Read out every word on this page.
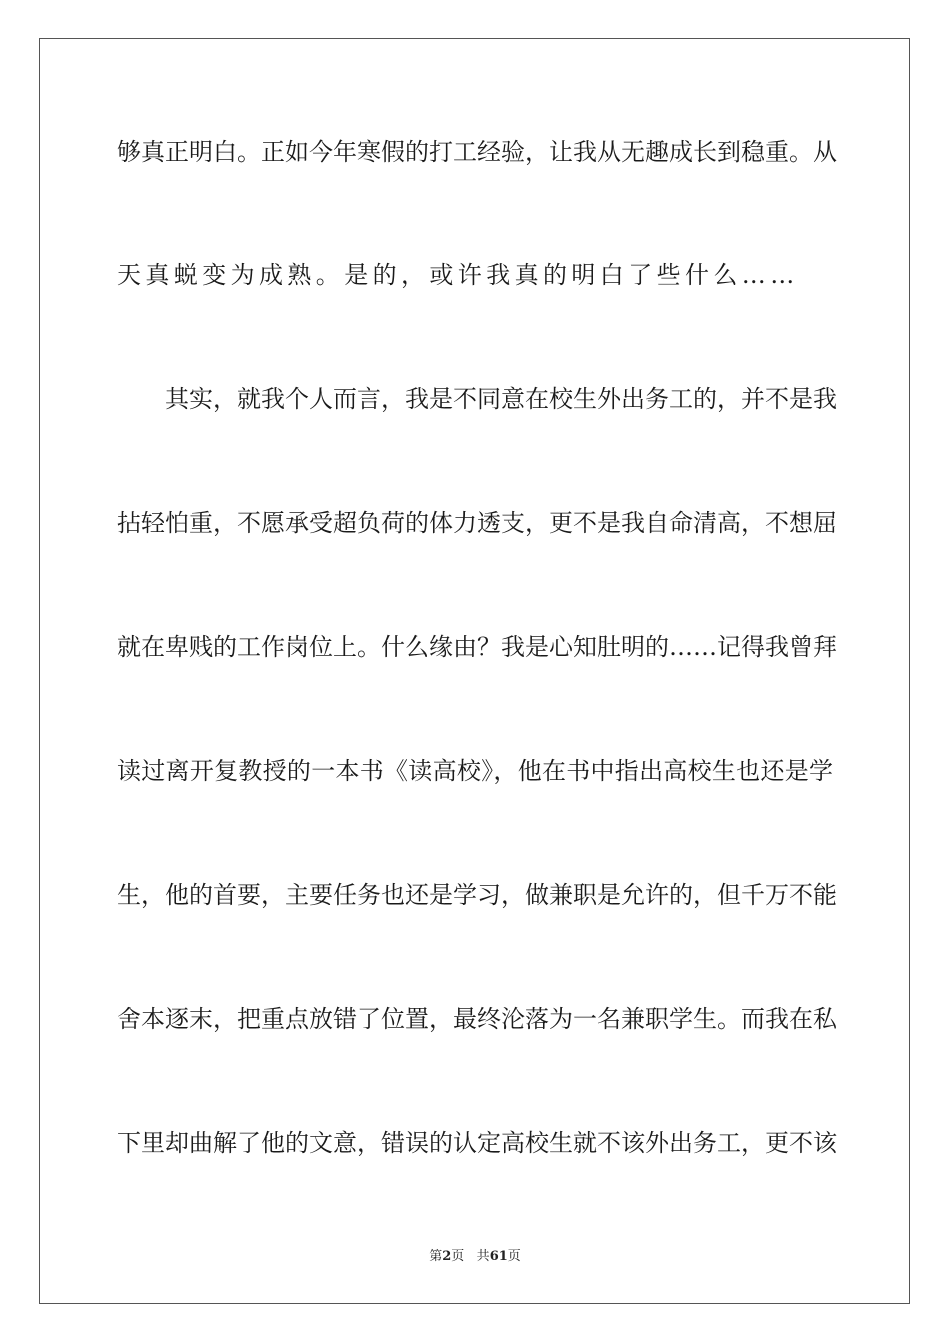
够真正明白。正如今年寒假的打工经验，让我从无趣成长到稳重。从
天真蜕变为成熟。是的，或许我真的明白了些什么……
其实，就我个人而言，我是不同意在校生外出务工的，并不是我
拈轻怕重，不愿承受超负荷的体力透支，更不是我自命清高，不想屈
就在卑贱的工作岗位上。什么缘由？我是心知肚明的……记得我曾拜
读过离开复教授的一本书《读高校》，他在书中指出高校生也还是学
生，他的首要，主要任务也还是学习，做兼职是允许的，但千万不能
舍本逐末，把重点放错了位置，最终沦落为一名兼职学生。而我在私
下里却曲解了他的文意，错误的认定高校生就不该外出务工，更不该
第2页 共61页
